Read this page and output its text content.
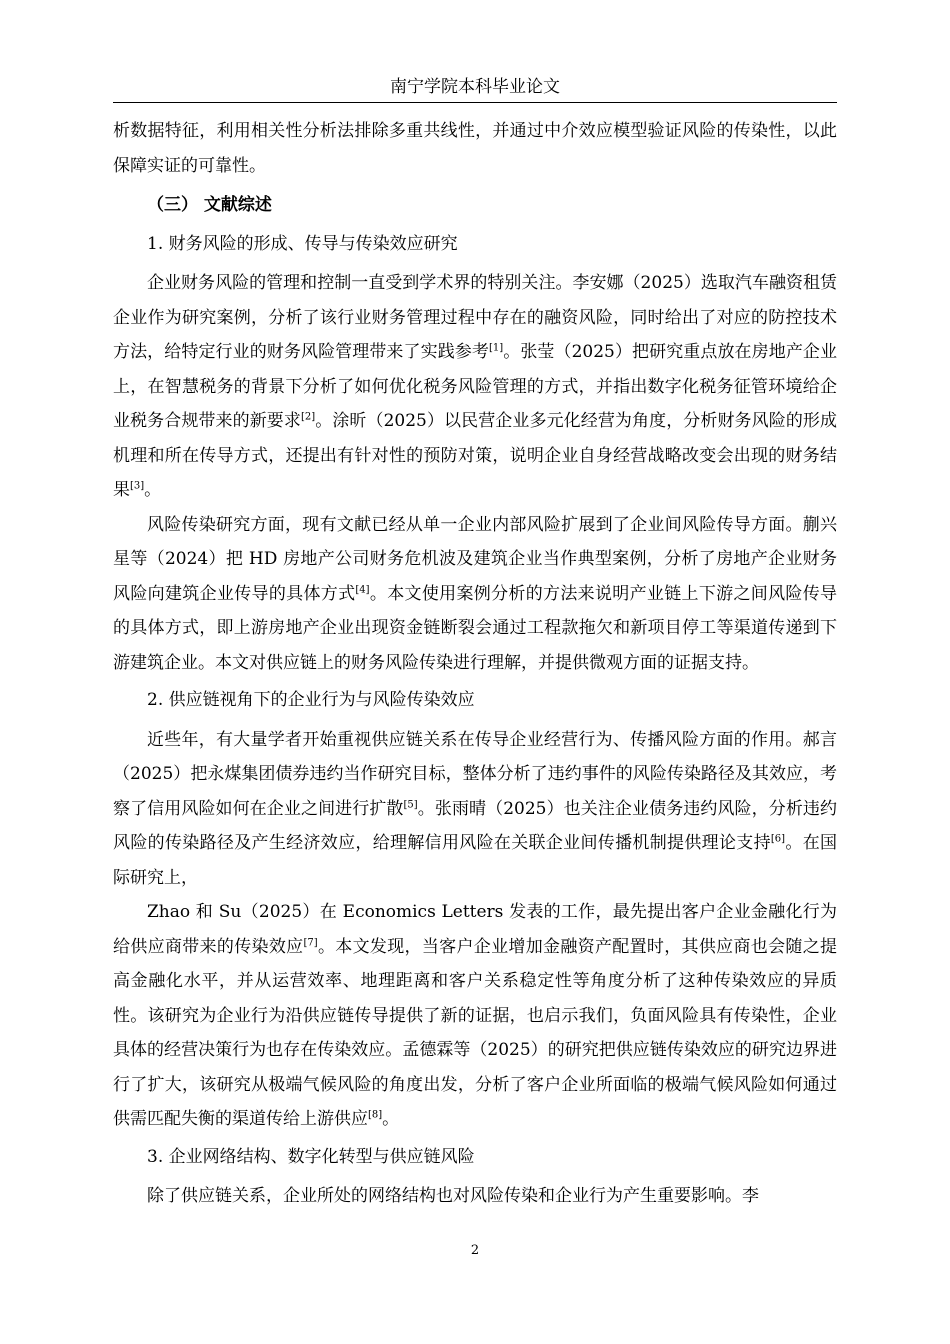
南宁学院本科毕业论文

析数据特征，利用相关性分析法排除多重共线性，并通过中介效应模型验证风险的传染性，以此保障实证的可靠性。

（三） 文献综述
1. 财务风险的形成、传导与传染效应研究

企业财务风险的管理和控制一直受到学术界的特别关注。李安娜（2025）选取汽车融资租赁企业作为研究案例，分析了该行业财务管理过程中存在的融资风险，同时给出了对应的防控技术方法，给特定行业的财务风险管理带来了实践参考[1]。张莹（2025）把研究重点放在房地产企业上，在智慧税务的背景下分析了如何优化税务风险管理的方式，并指出数字化税务征管环境给企业税务合规带来的新要求[2]。涂昕（2025）以民营企业多元化经营为角度，分析财务风险的形成机理和所在传导方式，还提出有针对性的预防对策，说明企业自身经营战略改变会出现的财务结果[3]。

风险传染研究方面，现有文献已经从单一企业内部风险扩展到了企业间风险传导方面。蒯兴星等（2024）把 HD 房地产公司财务危机波及建筑企业当作典型案例，分析了房地产企业财务风险向建筑企业传导的具体方式[4]。本文使用案例分析的方法来说明产业链上下游之间风险传导的具体方式，即上游房地产企业出现资金链断裂会通过工程款拖欠和新项目停工等渠道传递到下游建筑企业。本文对供应链上的财务风险传染进行理解，并提供微观方面的证据支持。

2. 供应链视角下的企业行为与风险传染效应

近些年，有大量学者开始重视供应链关系在传导企业经营行为、传播风险方面的作用。郝言（2025）把永煤集团债券违约当作研究目标，整体分析了违约事件的风险传染路径及其效应，考察了信用风险如何在企业之间进行扩散[5]。张雨晴（2025）也关注企业债务违约风险，分析违约风险的传染路径及产生经济效应，给理解信用风险在关联企业间传播机制提供理论支持[6]。在国际研究上，

Zhao 和 Su（2025）在 Economics Letters 发表的工作，最先提出客户企业金融化行为给供应商带来的传染效应[7]。本文发现，当客户企业增加金融资产配置时，其供应商也会随之提高金融化水平，并从运营效率、地理距离和客户关系稳定性等角度分析了这种传染效应的异质性。该研究为企业行为沿供应链传导提供了新的证据，也启示我们，负面风险具有传染性，企业具体的经营决策行为也存在传染效应。孟德霖等（2025）的研究把供应链传染效应的研究边界进行了扩大，该研究从极端气候风险的角度出发，分析了客户企业所面临的极端气候风险如何通过供需匹配失衡的渠道传给上游供应[8]。

3. 企业网络结构、数字化转型与供应链风险

除了供应链关系，企业所处的网络结构也对风险传染和企业行为产生重要影响。李

2
